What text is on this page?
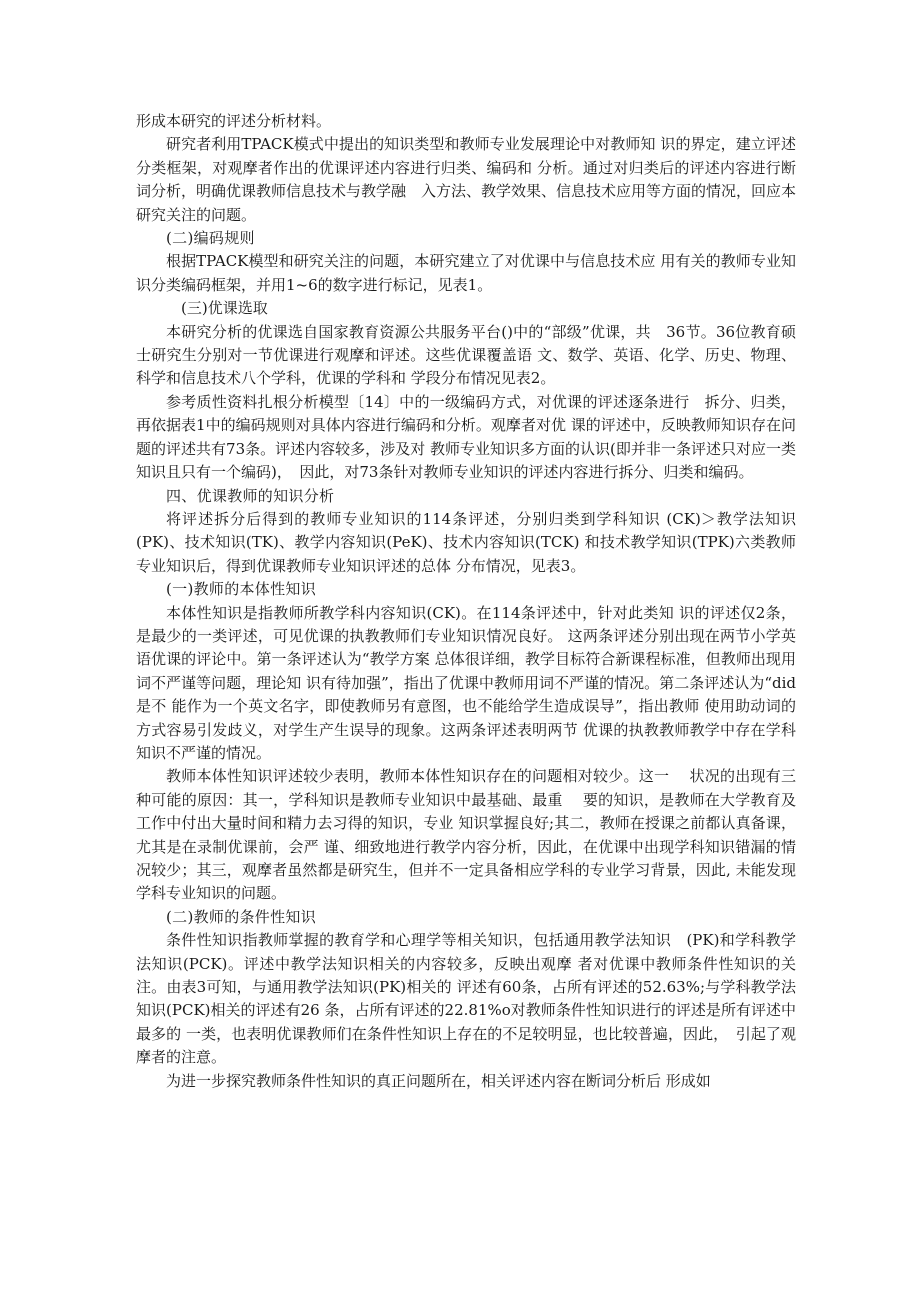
形成本研究的评述分析材料。

研究者利用TPACK模式中提出的知识类型和教师专业发展理论中对教师知 识的界定，建立评述分类框架，对观摩者作出的优课评述内容进行归类、编码和 分析。通过对归类后的评述内容进行断词分析，明确优课教师信息技术与教学融　入方法、教学效果、信息技术应用等方面的情况，回应本研究关注的问题。

(二)编码规则

根据TPACK模型和研究关注的问题，本研究建立了对优课中与信息技术应 用有关的教师专业知识分类编码框架，并用1~6的数字进行标记，见表1。

(三)优课选取

本研究分析的优课选自国家教育资源公共服务平台()中的“部级”优课，共　36节。36位教育硕士研究生分别对一节优课进行观摩和评述。这些优课覆盖语 文、数学、英语、化学、历史、物理、科学和信息技术八个学科，优课的学科和 学段分布情况见表2。

参考质性资料扎根分析模型〔14〕中的一级编码方式，对优课的评述逐条进行　拆分、归类，再依据表1中的编码规则对具体内容进行编码和分析。观摩者对优 课的评述中，反映教师知识存在问题的评述共有73条。评述内容较多，涉及对 教师专业知识多方面的认识(即并非一条评述只对应一类知识且只有一个编码)，　因此，对73条针对教师专业知识的评述内容进行拆分、归类和编码。

四、优课教师的知识分析

将评述拆分后得到的教师专业知识的114条评述，分别归类到学科知识 (CK)＞教学法知识(PK)、技术知识(TK)、教学内容知识(PeK)、技术内容知识(TCK) 和技术教学知识(TPK)六类教师专业知识后，得到优课教师专业知识评述的总体 分布情况，见表3。

(一)教师的本体性知识

本体性知识是指教师所教学科内容知识(CK)。在114条评述中，针对此类知 识的评述仅2条，是最少的一类评述，可见优课的执教教师们专业知识情况良好。 这两条评述分别出现在两节小学英语优课的评论中。第一条评述认为“教学方案 总体很详细，教学目标符合新课程标准，但教师出现用词不严谨等问题，理论知 识有待加强”，指出了优课中教师用词不严谨的情况。第二条评述认为“did是不 能作为一个英文名字，即使教师另有意图，也不能给学生造成误导”，指出教师 使用助动词的方式容易引发歧义，对学生产生误导的现象。这两条评述表明两节 优课的执教教师教学中存在学科知识不严谨的情况。

教师本体性知识评述较少表明，教师本体性知识存在的问题相对较少。这一　 状况的出现有三种可能的原因：其一，学科知识是教师专业知识中最基础、最重　 要的知识，是教师在大学教育及工作中付出大量时间和精力去习得的知识，专业 知识掌握良好;其二，教师在授课之前都认真备课，尤其是在录制优课前，会严 谨、细致地进行教学内容分析，因此，在优课中出现学科知识错漏的情况较少；其三，观摩者虽然都是研究生，但并不一定具备相应学科的专业学习背景，因此, 未能发现学科专业知识的问题。

(二)教师的条件性知识

条件性知识指教师掌握的教育学和心理学等相关知识，包括通用教学法知识　(PK)和学科教学法知识(PCK)。评述中教学法知识相关的内容较多，反映出观摩 者对优课中教师条件性知识的关注。由表3可知，与通用教学法知识(PK)相关的 评述有60条，占所有评述的52.63%;与学科教学法知识(PCK)相关的评述有26 条，占所有评述的22.81%o对教师条件性知识进行的评述是所有评述中最多的 一类，也表明优课教师们在条件性知识上存在的不足较明显，也比较普遍，因此，　引起了观摩者的注意。

为进一步探究教师条件性知识的真正问题所在，相关评述内容在断词分析后 形成如
